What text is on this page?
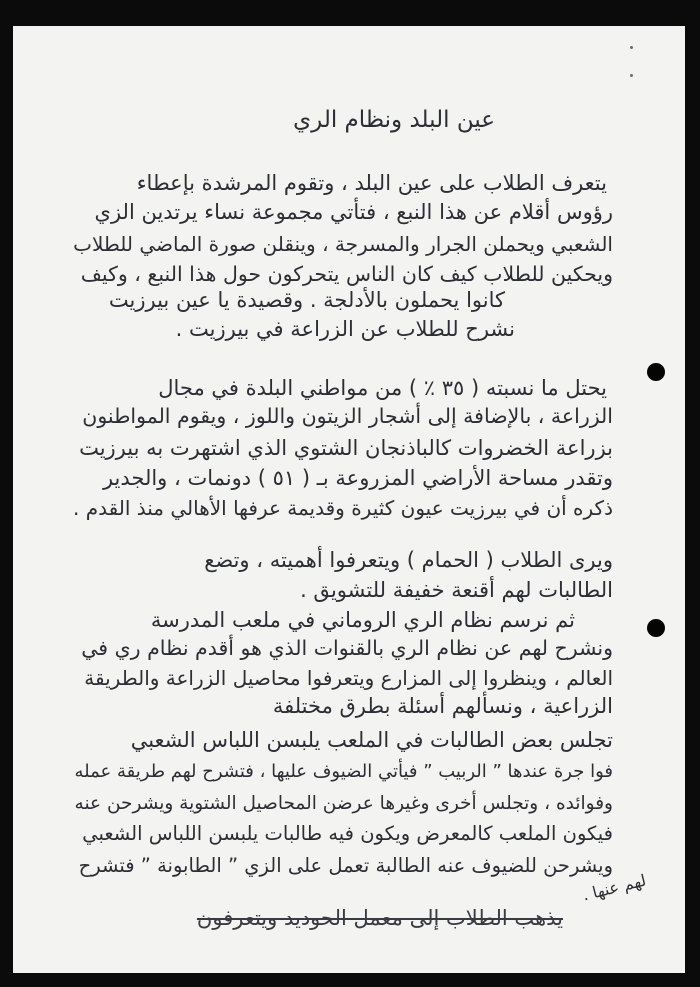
عين البلد ونظام الري
يتعرف الطلاب على عين البلد ، وتقوم المرشدة بإعطاء
رؤوس أقلام عن هذا النبع ، فتأتي مجموعة نساء يرتدين الزي
الشعبي ويحملن الجرار والمسرجة ، وينقلن صورة الماضي للطلاب
ويحكين للطلاب كيف كان الناس يتحركون حول هذا النبع ، وكيف
كانوا يحملون بالأدلجة . وقصيدة يا عين بيرزيت
نشرح للطلاب عن الزراعة في بيرزيت .
يحتل ما نسبته ( ٣٥ ٪ ) من مواطني البلدة في مجال
الزراعة ، بالإضافة إلى أشجار الزيتون واللوز ، ويقوم المواطنون
بزراعة الخضروات كالباذنجان الشتوي الذي اشتهرت به بيرزيت
وتقدر مساحة الأراضي المزروعة بـ ( ٥١ ) دونمات ، والجدير
ذكره أن في بيرزيت عيون كثيرة وقديمة عرفها الأهالي منذ القدم .
ويرى الطلاب ( الحمام ) ويتعرفوا أهميته ، وتضع
الطالبات لهم أقنعة خفيفة للتشويق .
ثم نرسم نظام الري الروماني في ملعب المدرسة
ونشرح لهم عن نظام الري بالقنوات الذي هو أقدم نظام ري في
العالم ، وينظروا إلى المزارع ويتعرفوا محاصيل الزراعة والطريقة
الزراعية ، ونسألهم أسئلة بطرق مختلفة
تجلس بعض الطالبات في الملعب يلبسن اللباس الشعبي
فوا جرة عندها ” الربيب ” فيأتي الضيوف عليها ، فتشرح لهم طريقة عمله
وفوائده ، وتجلس أخرى وغيرها عرضن المحاصيل الشتوية ويشرحن عنه
فيكون الملعب كالمعرض ويكون فيه طالبات يلبسن اللباس الشعبي
ويشرحن للضيوف عنه الطالبة تعمل على الزي ” الطابونة ” فتشرح
لهم عنها .
يذهب الطلاب إلى معمل الحوديد ويتعرفون
